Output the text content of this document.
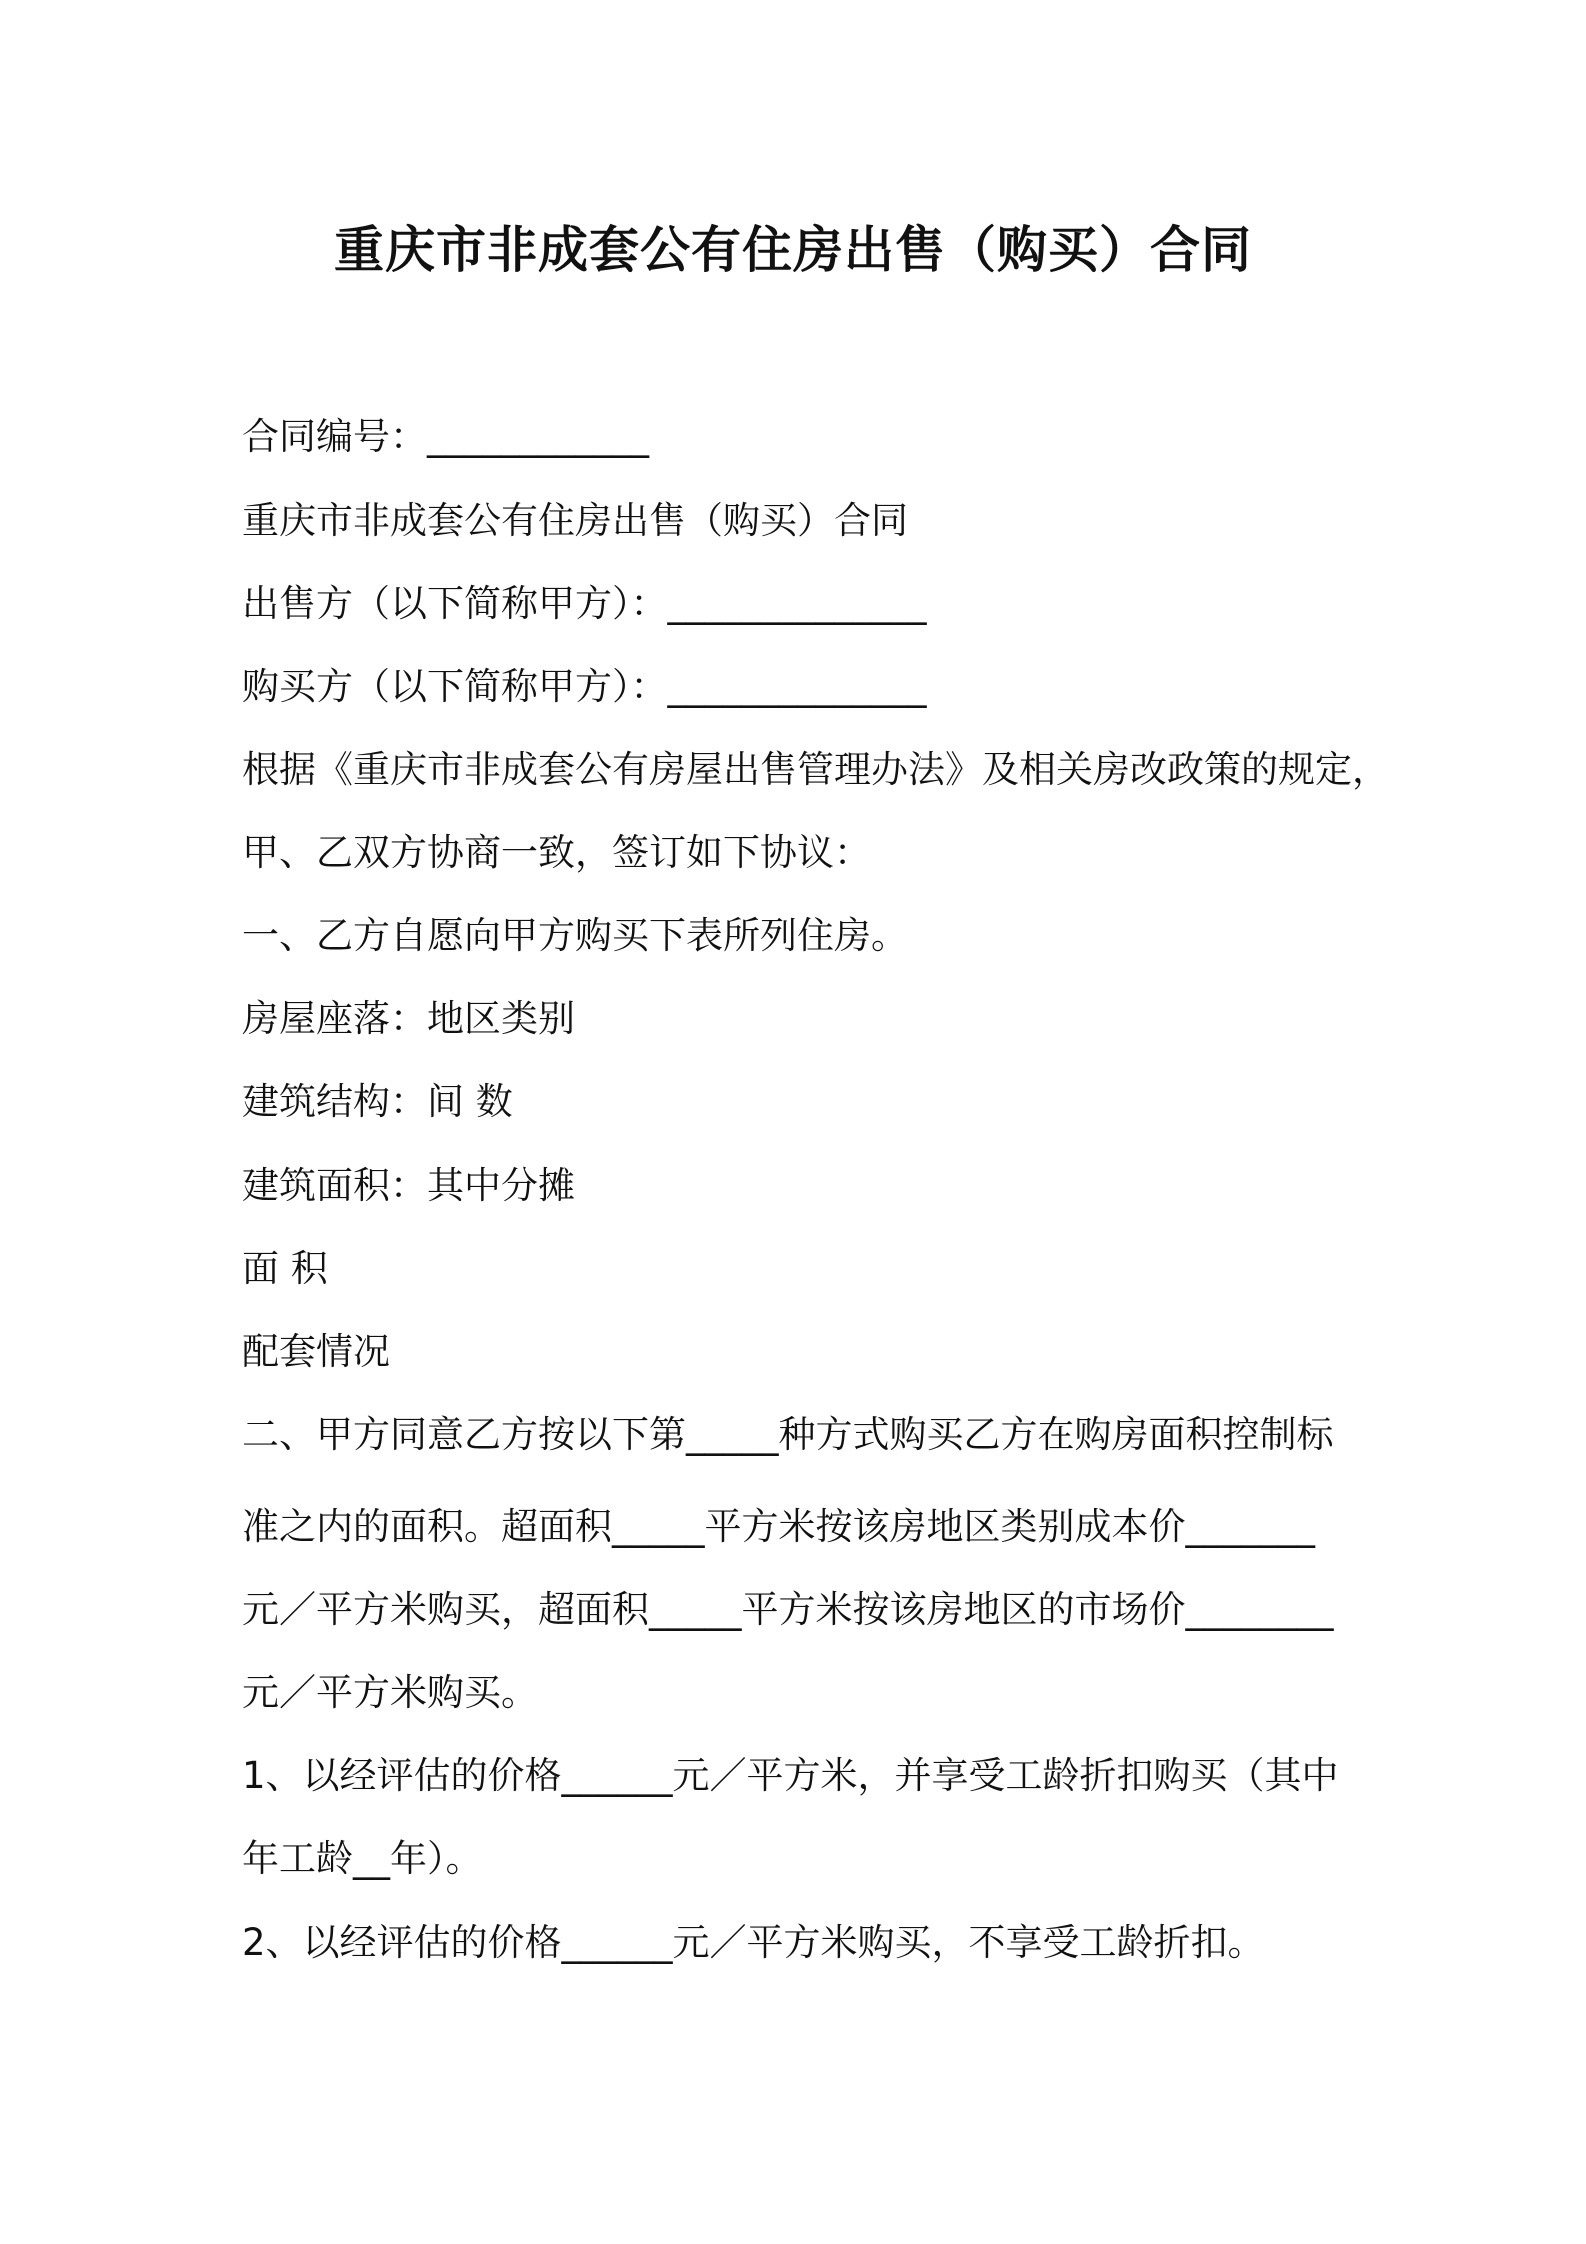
重庆市非成套公有住房出售（购买）合同
合同编号：____________
重庆市非成套公有住房出售（购买）合同
出售方（以下简称甲方）：______________
购买方（以下简称甲方）：______________
根据《重庆市非成套公有房屋出售管理办法》及相关房改政策的规定，
甲、乙双方协商一致，签订如下协议：
一、乙方自愿向甲方购买下表所列住房。
房屋座落：地区类别
建筑结构：间 数
建筑面积：其中分摊
面 积
配套情况
二、甲方同意乙方按以下第_____种方式购买乙方在购房面积控制标
准之内的面积。超面积_____平方米按该房地区类别成本价_______
元／平方米购买，超面积_____平方米按该房地区的市场价________
元／平方米购买。
1、以经评估的价格______元／平方米，并享受工龄折扣购买（其中
年工龄__年）。
2、以经评估的价格______元／平方米购买，不享受工龄折扣。
